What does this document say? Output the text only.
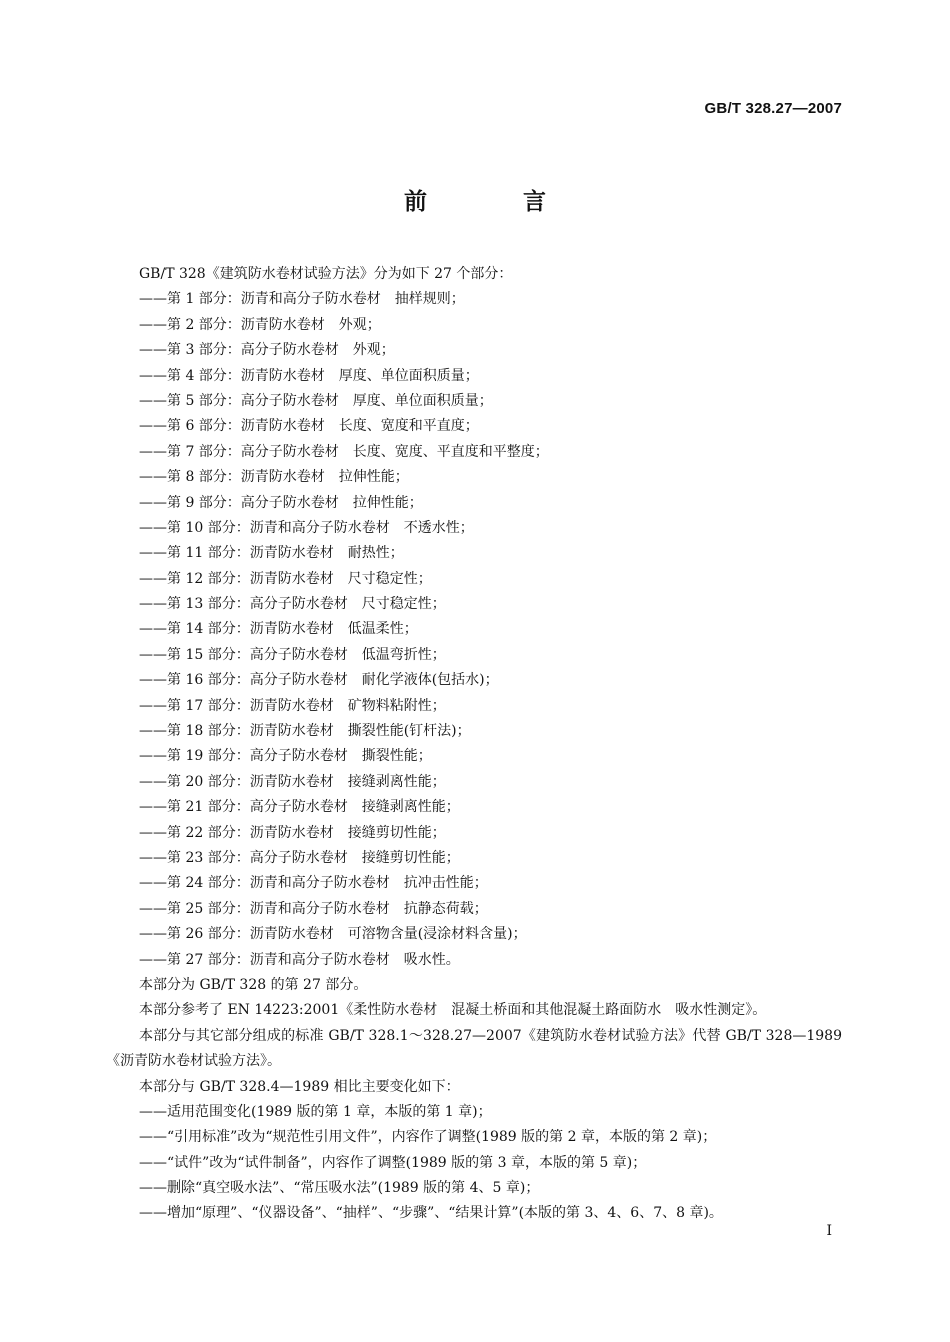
GB/T 328.27—2007
前 言
GB/T 328《建筑防水卷材试验方法》分为如下 27 个部分：
——第 1 部分：沥青和高分子防水卷材　抽样规则；
——第 2 部分：沥青防水卷材　外观；
——第 3 部分：高分子防水卷材　外观；
——第 4 部分：沥青防水卷材　厚度、单位面积质量；
——第 5 部分：高分子防水卷材　厚度、单位面积质量；
——第 6 部分：沥青防水卷材　长度、宽度和平直度；
——第 7 部分：高分子防水卷材　长度、宽度、平直度和平整度；
——第 8 部分：沥青防水卷材　拉伸性能；
——第 9 部分：高分子防水卷材　拉伸性能；
——第 10 部分：沥青和高分子防水卷材　不透水性；
——第 11 部分：沥青防水卷材　耐热性；
——第 12 部分：沥青防水卷材　尺寸稳定性；
——第 13 部分：高分子防水卷材　尺寸稳定性；
——第 14 部分：沥青防水卷材　低温柔性；
——第 15 部分：高分子防水卷材　低温弯折性；
——第 16 部分：高分子防水卷材　耐化学液体(包括水)；
——第 17 部分：沥青防水卷材　矿物料粘附性；
——第 18 部分：沥青防水卷材　撕裂性能(钉杆法)；
——第 19 部分：高分子防水卷材　撕裂性能；
——第 20 部分：沥青防水卷材　接缝剥离性能；
——第 21 部分：高分子防水卷材　接缝剥离性能；
——第 22 部分：沥青防水卷材　接缝剪切性能；
——第 23 部分：高分子防水卷材　接缝剪切性能；
——第 24 部分：沥青和高分子防水卷材　抗冲击性能；
——第 25 部分：沥青和高分子防水卷材　抗静态荷载；
——第 26 部分：沥青防水卷材　可溶物含量(浸涂材料含量)；
——第 27 部分：沥青和高分子防水卷材　吸水性。
本部分为 GB/T 328 的第 27 部分。
本部分参考了 EN 14223:2001《柔性防水卷材　混凝土桥面和其他混凝土路面防水　吸水性测定》。
本部分与其它部分组成的标准 GB/T 328.1～328.27—2007《建筑防水卷材试验方法》代替 GB/T 328—1989《沥青防水卷材试验方法》。
本部分与 GB/T 328.4—1989 相比主要变化如下：
——适用范围变化(1989 版的第 1 章，本版的第 1 章)；
——“引用标准”改为“规范性引用文件”，内容作了调整(1989 版的第 2 章，本版的第 2 章)；
——“试件”改为“试件制备”，内容作了调整(1989 版的第 3 章，本版的第 5 章)；
——删除“真空吸水法”、“常压吸水法”(1989 版的第 4、5 章)；
——增加“原理”、“仪器设备”、“抽样”、“步骤”、“结果计算”(本版的第 3、4、6、7、8 章)。
I
